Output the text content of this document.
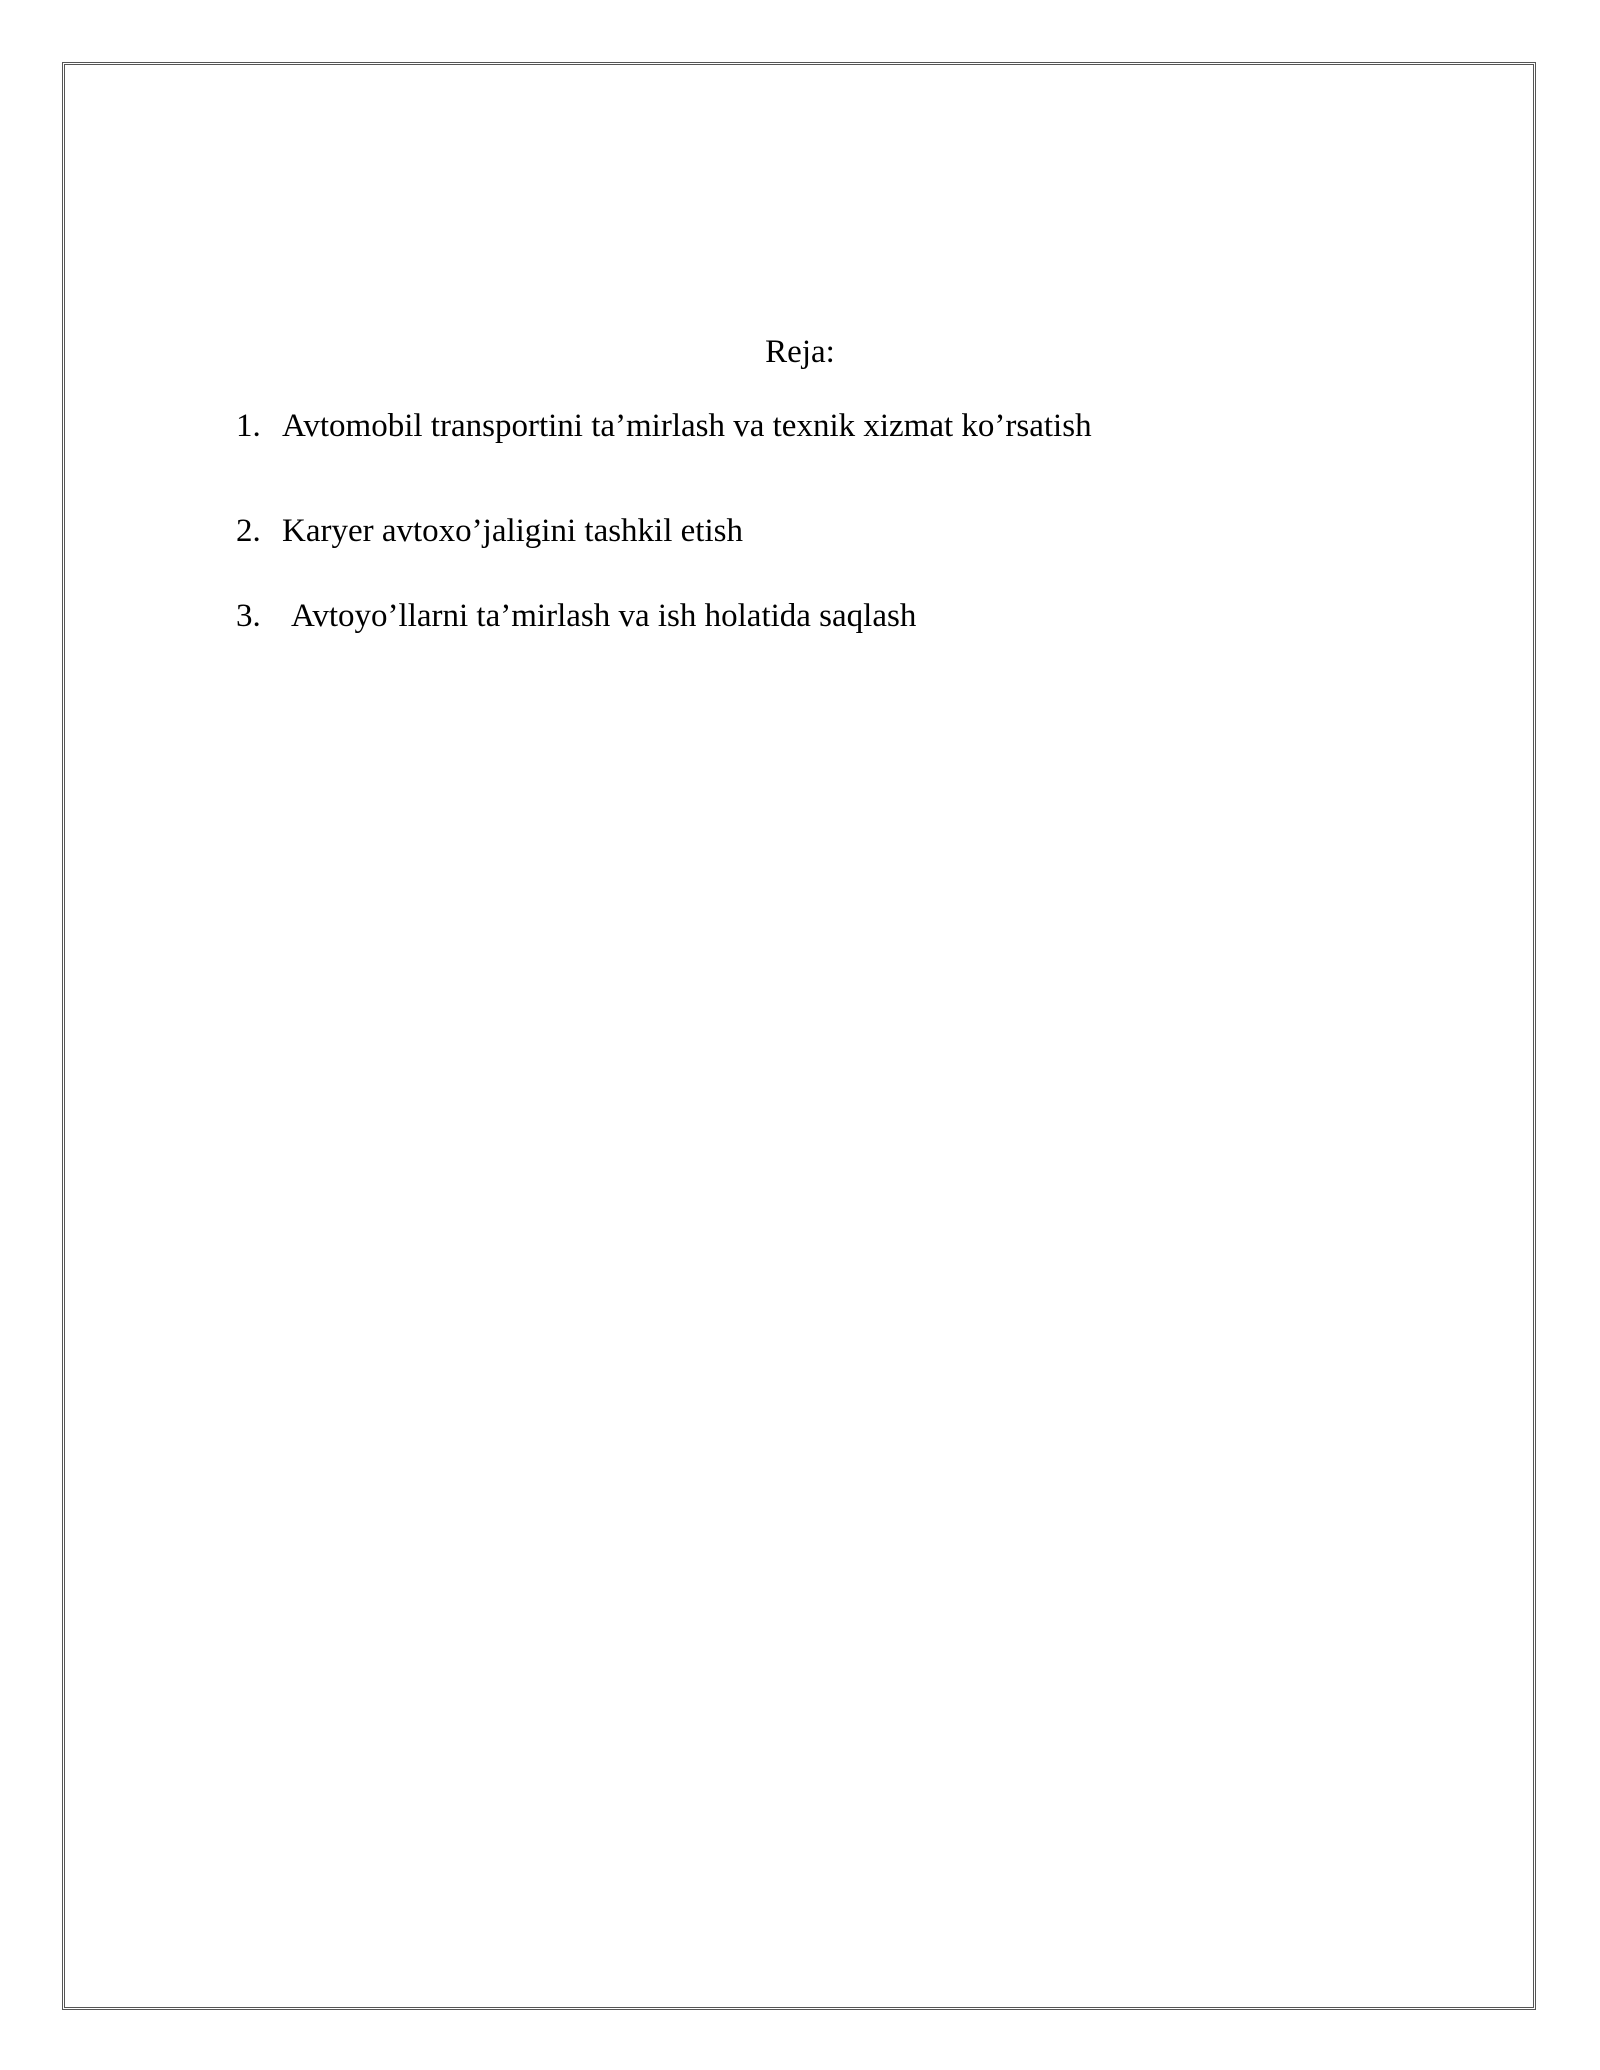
Reja:
1. Avtomobil transportini ta’mirlash va texnik xizmat ko’rsatish
2. Karyer avtoxo’jaligini tashkil etish
3. Avtoyo’llarni ta’mirlash va ish holatida saqlash
